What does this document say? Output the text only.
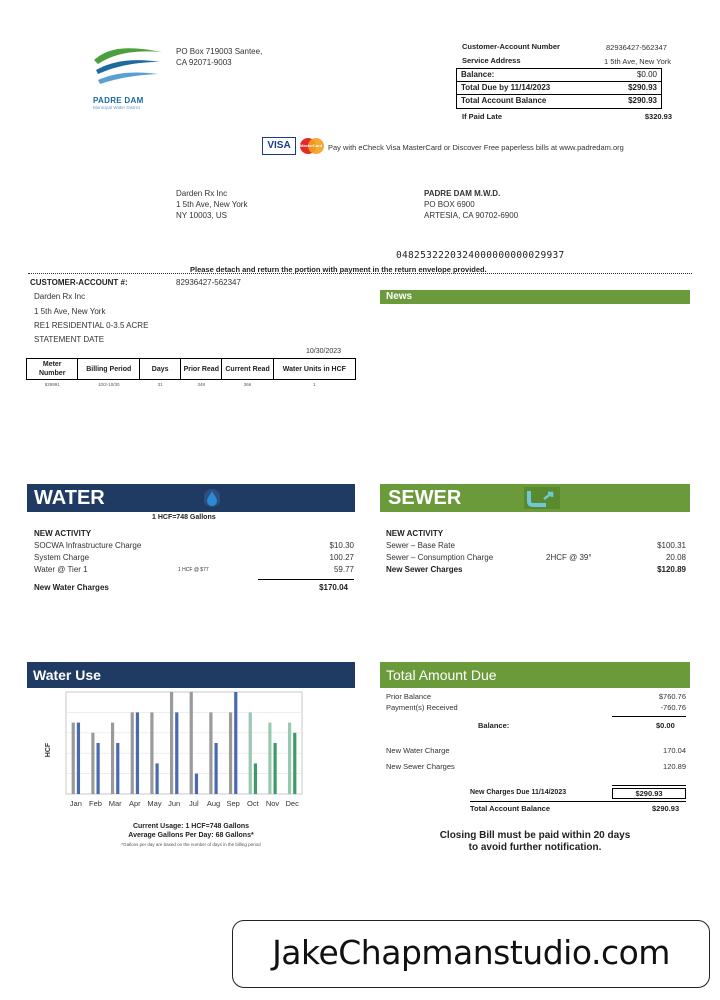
PADRE DAM
Municipal Water District
PO Box 719003 Santee,
CA 92071-9003
Customer-Account Number	82936427-562347
Service Address	1 5th Ave, New York
Balance:	$0.00
Total Due by 11/14/2023	$290.93
Total Account Balance	$290.93
If Paid Late	$320.93
VISA	MasterCard Pay with eCheck Visa MasterCard or Discover Free paperless bills at www.padredam.org
Darden Rx Inc
1 5th Ave, New York
NY 10003, US
PADRE DAM M.W.D.
PO BOX 6900
ARTESIA, CA 90702-6900
0482532220324000000000029937
Please detach and return the portion with payment in the return envelope provided.
CUSTOMER-ACCOUNT #:	82936427-562347
Darden Rx Inc
1 5th Ave, New York
RE1 RESIDENTIAL 0-3.5 ACRE
STATEMENT DATE
10/30/2023
Meter Number	Billing Period	Days	Prior Read	Current Read	Water Units in HCF
829991	10/2-10/30	31	348	366	1
News
WATER
1 HCF=748 Gallons
NEW ACTIVITY
SOCWA Infrastructure Charge	$10.30
System Charge	100.27
Water @ Tier 1	1 HCF @ $77	59.77
New Water Charges	$170.04
SEWER
NEW ACTIVITY
Sewer – Base Rate	$100.31
Sewer – Consumption Charge	2HCF @ 39°	20.08
New Sewer Charges	$120.89
Water Use
Jan Feb Mar Apr May Jun Jul Aug Sep Oct Nov Dec
HCF
Current Usage: 1 HCF=748 Gallons
Average Gallons Per Day: 68 Gallons*
*Gallons per day are based on the number of days in the billing period
Total Amount Due
Prior Balance	$760.76
Payment(s) Received	-760.76
Balance:	$0.00
New Water Charge	170.04
New Sewer Charges	120.89
New Charges Due 11/14/2023	$290.93
Total Account Balance	$290.93
Closing Bill must be paid within 20 days
to avoid further notification.
JakeChapmanstudio.com
